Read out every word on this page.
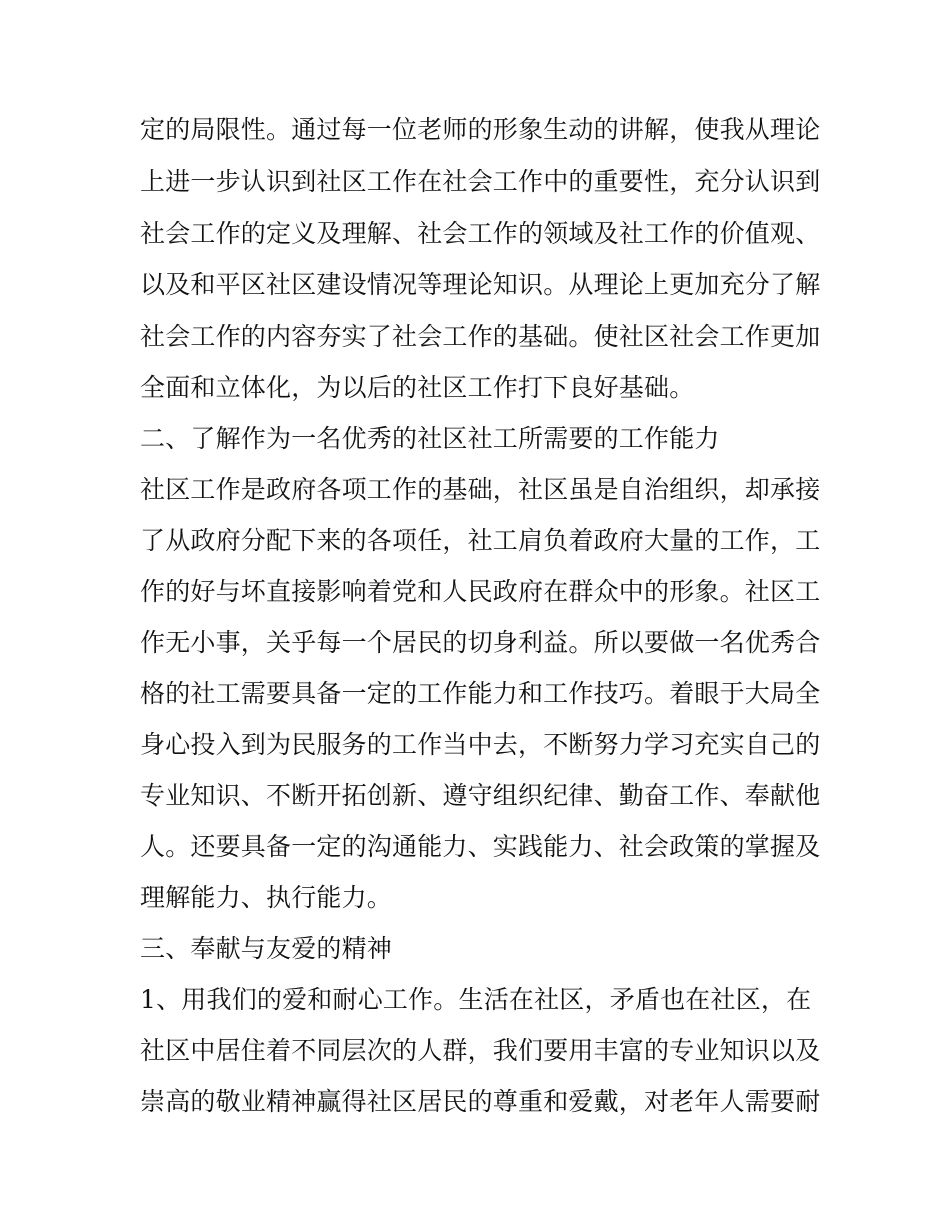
定的局限性。通过每一位老师的形象生动的讲解，使我从理论
上进一步认识到社区工作在社会工作中的重要性，充分认识到
社会工作的定义及理解、社会工作的领域及社工作的价值观、
以及和平区社区建设情况等理论知识。从理论上更加充分了解
社会工作的内容夯实了社会工作的基础。使社区社会工作更加
全面和立体化，为以后的社区工作打下良好基础。
二、了解作为一名优秀的社区社工所需要的工作能力
社区工作是政府各项工作的基础，社区虽是自治组织，却承接
了从政府分配下来的各项任，社工肩负着政府大量的工作，工
作的好与坏直接影响着党和人民政府在群众中的形象。社区工
作无小事，关乎每一个居民的切身利益。所以要做一名优秀合
格的社工需要具备一定的工作能力和工作技巧。着眼于大局全
身心投入到为民服务的工作当中去，不断努力学习充实自己的
专业知识、不断开拓创新、遵守组织纪律、勤奋工作、奉献他
人。还要具备一定的沟通能力、实践能力、社会政策的掌握及
理解能力、执行能力。
三、奉献与友爱的精神
1、用我们的爱和耐心工作。生活在社区，矛盾也在社区，在
社区中居住着不同层次的人群，我们要用丰富的专业知识以及
崇高的敬业精神赢得社区居民的尊重和爱戴，对老年人需要耐
